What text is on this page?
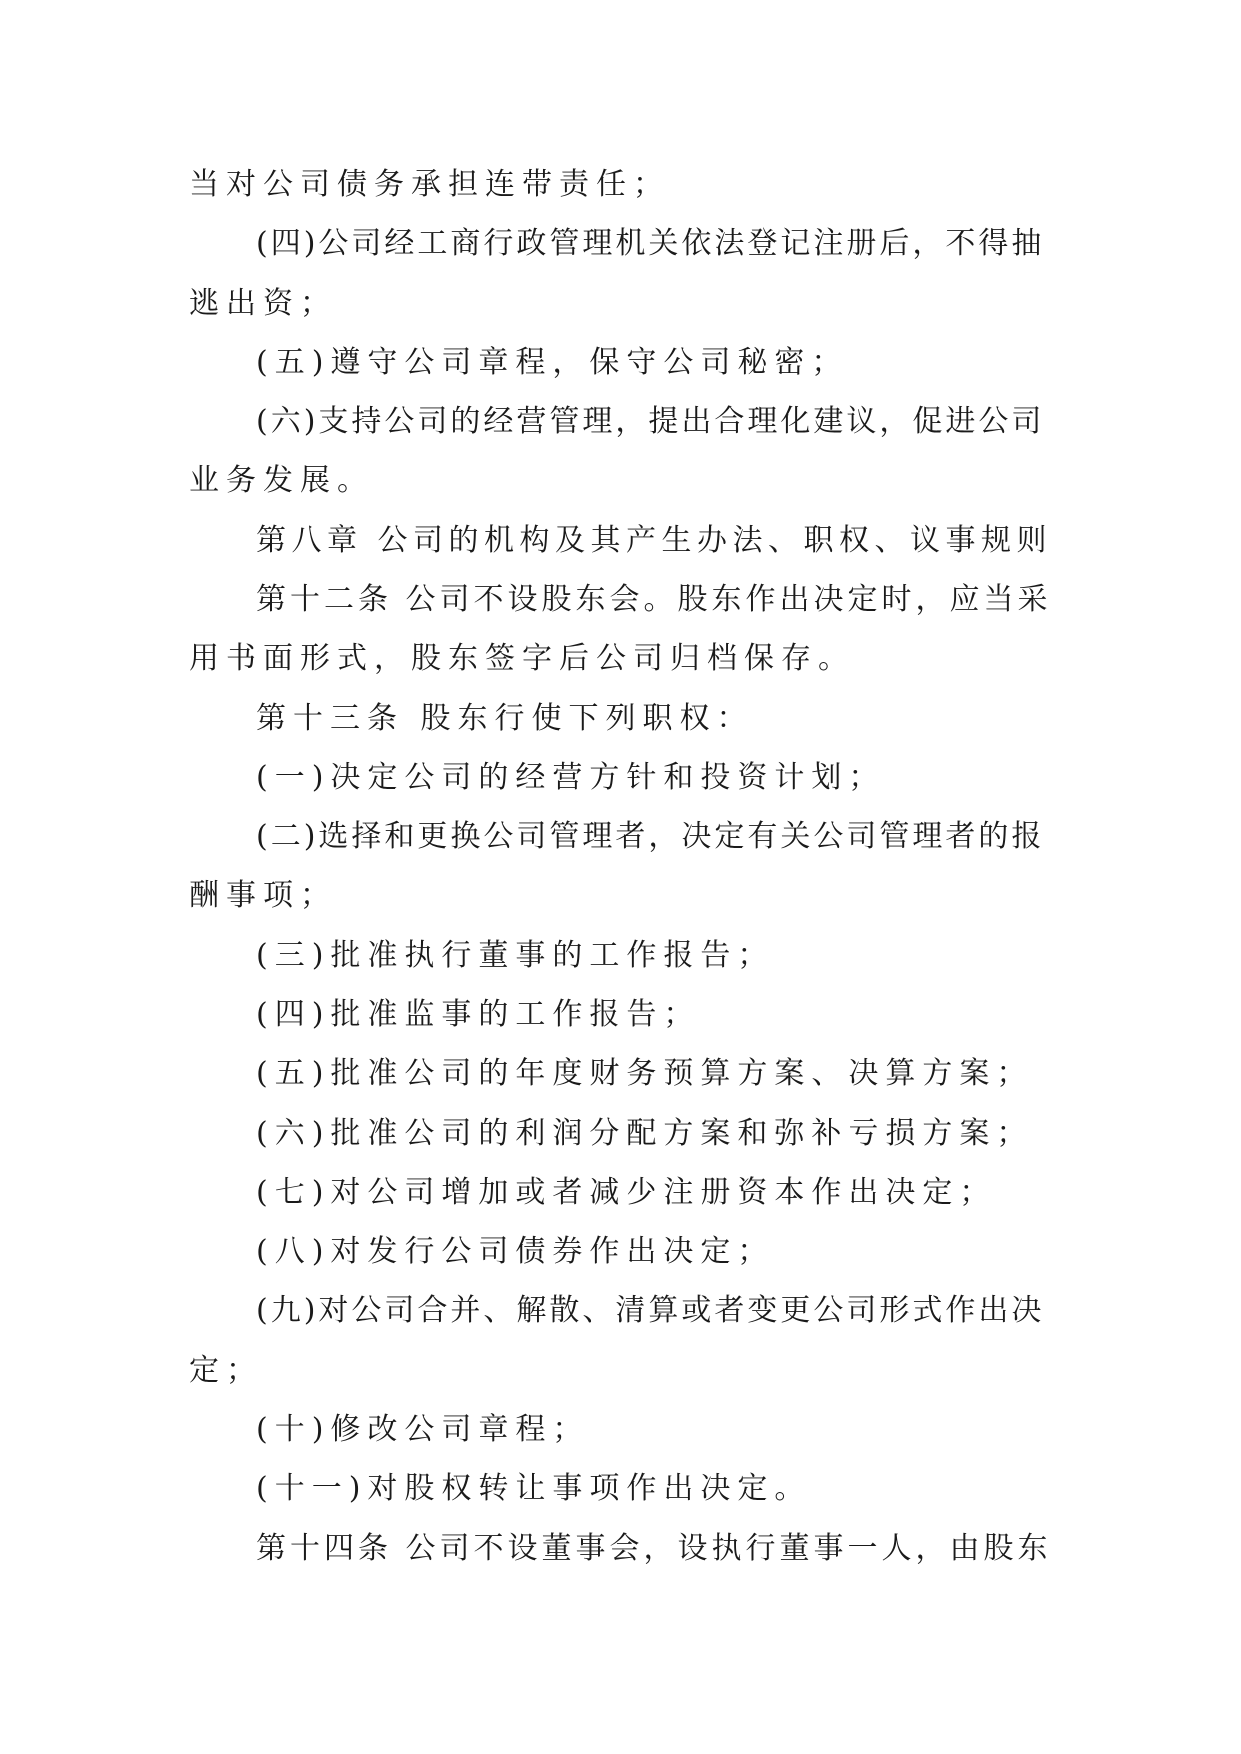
当对公司债务承担连带责任；

(四)公司经工商行政管理机关依法登记注册后，不得抽

逃出资；

(五)遵守公司章程，保守公司秘密；

(六)支持公司的经营管理，提出合理化建议，促进公司

业务发展。

第八章 公司的机构及其产生办法、职权、议事规则

第十二条 公司不设股东会。股东作出决定时，应当采

用书面形式，股东签字后公司归档保存。

第十三条 股东行使下列职权：

(一)决定公司的经营方针和投资计划；

(二)选择和更换公司管理者，决定有关公司管理者的报

酬事项；

(三)批准执行董事的工作报告；

(四)批准监事的工作报告；

(五)批准公司的年度财务预算方案、决算方案；

(六)批准公司的利润分配方案和弥补亏损方案；

(七)对公司增加或者减少注册资本作出决定；

(八)对发行公司债券作出决定；

(九)对公司合并、解散、清算或者变更公司形式作出决

定；

(十)修改公司章程；

(十一)对股权转让事项作出决定。

第十四条 公司不设董事会，设执行董事一人，由股东
